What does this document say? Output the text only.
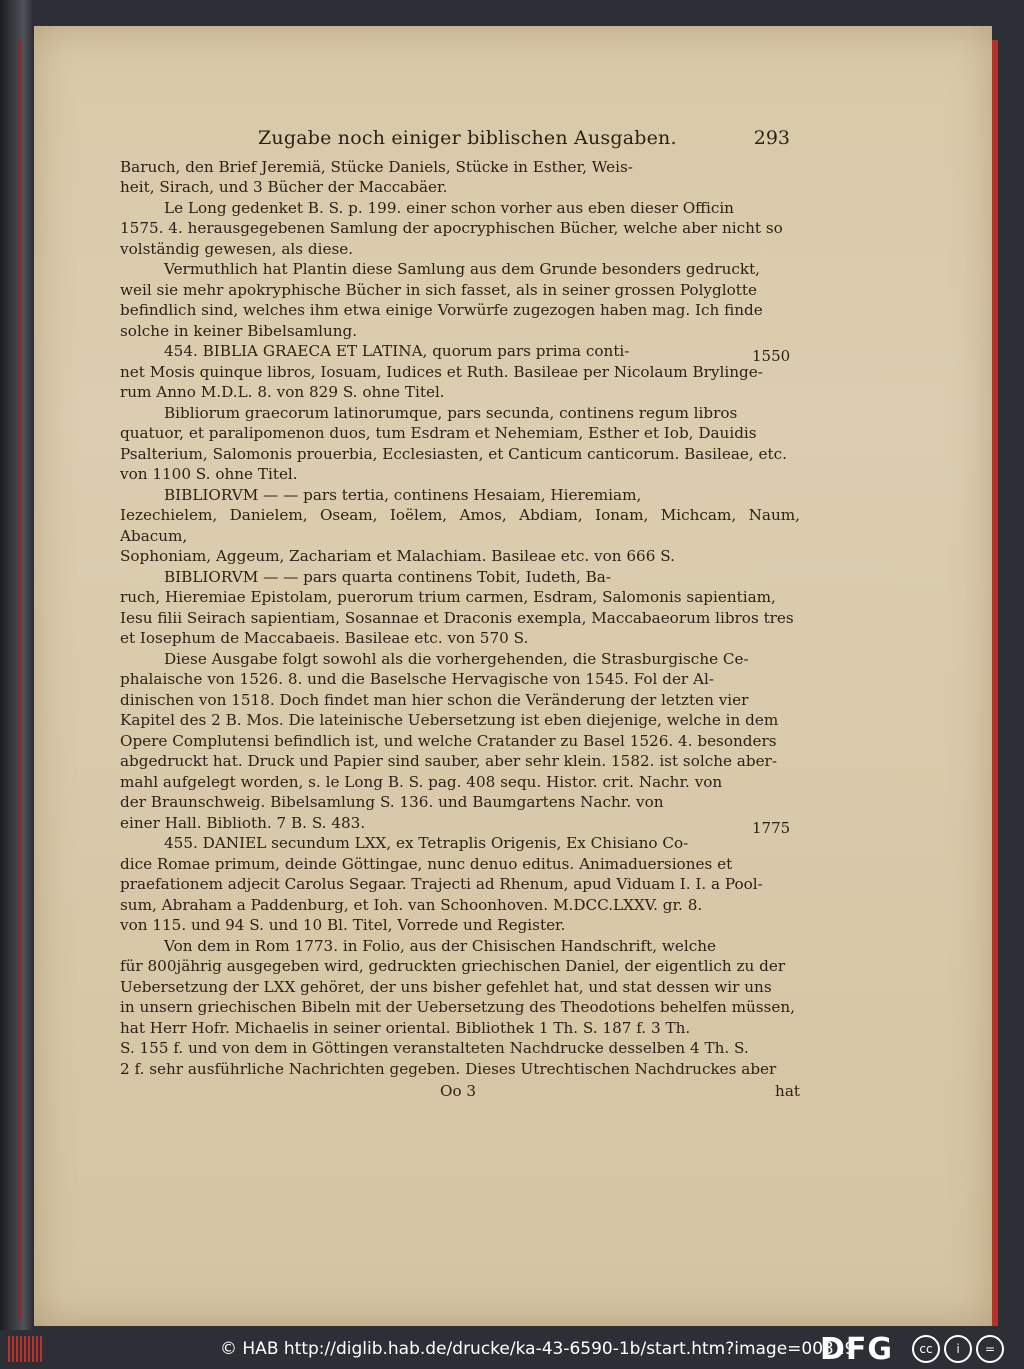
Zugabe noch einiger biblischen Ausgaben.	293

Baruch, den Brief Jeremiä, Stücke Daniels, Stücke in Esther, Weis-

heit, Sirach, und 3 Bücher der Maccabäer.

Le Long gedenket B. S. p. 199. einer schon vorher aus eben dieser Officin

1575. 4. herausgegebenen Samlung der apocryphischen Bücher, welche aber nicht so

volständig gewesen, als diese.

Vermuthlich hat Plantin diese Samlung aus dem Grunde besonders gedruckt,

weil sie mehr apokryphische Bücher in sich fasset, als in seiner grossen Polyglotte

befindlich sind, welches ihm etwa einige Vorwürfe zugezogen haben mag. Ich finde

solche in keiner Bibelsamlung.

454. BIBLIA GRAECA ET LATINA, quorum pars prima conti-

net Mosis quinque libros, Iosuam, Iudices et Ruth. Basileae per Nicolaum Brylinge-

rum Anno M.D.L. 8. von 829 S. ohne Titel.

Bibliorum graecorum latinorumque, pars secunda, continens regum libros

quatuor, et paralipomenon duos, tum Esdram et Nehemiam, Esther et Iob, Dauidis

Psalterium, Salomonis prouerbia, Ecclesiasten, et Canticum canticorum. Basileae, etc.

von 1100 S. ohne Titel.

BIBLIORVM — — pars tertia, continens Hesaiam, Hieremiam,

Iezechielem, Danielem, Oseam, Ioëlem, Amos, Abdiam, Ionam, Michcam, Naum, Abacum,

Sophoniam, Aggeum, Zachariam et Malachiam. Basileae etc. von 666 S.

BIBLIORVM — — pars quarta continens Tobit, Iudeth, Ba-

ruch, Hieremiae Epistolam, puerorum trium carmen, Esdram, Salomonis sapientiam,

Iesu filii Seirach sapientiam, Sosannae et Draconis exempla, Maccabaeorum libros tres

et Iosephum de Maccabaeis. Basileae etc. von 570 S.

Diese Ausgabe folgt sowohl als die vorhergehenden, die Strasburgische Ce-

phalaische von 1526. 8. und die Baselsche Hervagische von 1545. Fol der Al-

dinischen von 1518. Doch findet man hier schon die Veränderung der letzten vier

Kapitel des 2 B. Mos. Die lateinische Uebersetzung ist eben diejenige, welche in dem

Opere Complutensi befindlich ist, und welche Cratander zu Basel 1526. 4. besonders

abgedruckt hat. Druck und Papier sind sauber, aber sehr klein. 1582. ist solche aber-

mahl aufgelegt worden, s. le Long B. S. pag. 408 sequ. Histor. crit. Nachr. von

der Braunschweig. Bibelsamlung S. 136. und Baumgartens Nachr. von

einer Hall. Biblioth. 7 B. S. 483.

455. DANIEL secundum LXX, ex Tetraplis Origenis, Ex Chisiano Co-

dice Romae primum, deinde Göttingae, nunc denuo editus. Animaduersiones et

praefationem adjecit Carolus Segaar. Trajecti ad Rhenum, apud Viduam I. I. a Pool-

sum, Abraham a Paddenburg, et Ioh. van Schoonhoven. M.DCC.LXXV. gr. 8.

von 115. und 94 S. und 10 Bl. Titel, Vorrede und Register.

Von dem in Rom 1773. in Folio, aus der Chisischen Handschrift, welche

für 800jährig ausgegeben wird, gedruckten griechischen Daniel, der eigentlich zu der

Uebersetzung der LXX gehöret, der uns bisher gefehlet hat, und stat dessen wir uns

in unsern griechischen Bibeln mit der Uebersetzung des Theodotions behelfen müssen,

hat Herr Hofr. Michaelis in seiner oriental. Bibliothek 1 Th. S. 187 f. 3 Th.

S. 155 f. und von dem in Göttingen veranstalteten Nachdrucke desselben 4 Th. S.

2 f. sehr ausführliche Nachrichten gegeben. Dieses Utrechtischen Nachdruckes aber

Oo 3	hat
1550
1775
© HAB http://diglib.hab.de/drucke/ka-43-6590-1b/start.htm?image=00319
DFG	cc	i	=
